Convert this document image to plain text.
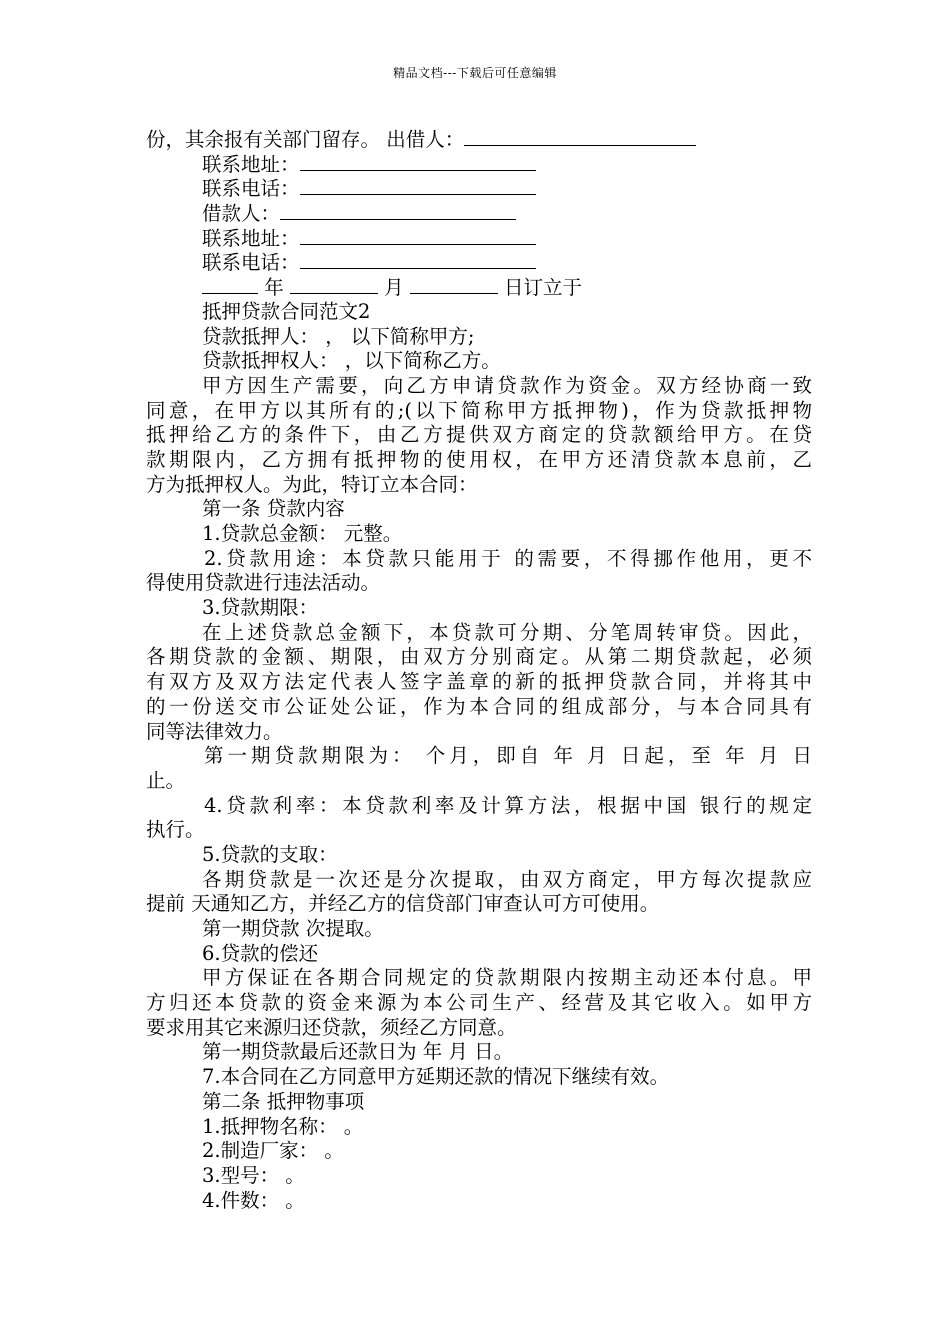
精品文档---下载后可任意编辑
份，其余报有关部门留存。 出借人：
联系地址：
联系电话：
借款人：
联系地址：
联系电话：
年	月	日订立于
抵押贷款合同范文2
贷款抵押人： ， 以下简称甲方;
贷款抵押权人： ，以下简称乙方。
甲方因生产需要，向乙方申请贷款作为资金。双方经协商一致
同意，在甲方以其所有的;(以下简称甲方抵押物)，作为贷款抵押物
抵押给乙方的条件下，由乙方提供双方商定的贷款额给甲方。在贷
款期限内，乙方拥有抵押物的使用权，在甲方还清贷款本息前，乙
方为抵押权人。为此，特订立本合同：
第一条 贷款内容
1.贷款总金额： 元整。
2.贷款用途：本贷款只能用于 的需要，不得挪作他用，更不
得使用贷款进行违法活动。
3.贷款期限：
在上述贷款总金额下，本贷款可分期、分笔周转审贷。因此，
各期贷款的金额、期限，由双方分别商定。从第二期贷款起，必须
有双方及双方法定代表人签字盖章的新的抵押贷款合同，并将其中
的一份送交市公证处公证，作为本合同的组成部分，与本合同具有
同等法律效力。
第一期贷款期限为： 个月，即自 年 月 日起，至 年 月 日
止。
4.贷款利率：本贷款利率及计算方法，根据中国 银行的规定
执行。
5.贷款的支取：
各期贷款是一次还是分次提取，由双方商定，甲方每次提款应
提前 天通知乙方，并经乙方的信贷部门审查认可方可使用。
第一期贷款 次提取。
6.贷款的偿还
甲方保证在各期合同规定的贷款期限内按期主动还本付息。甲
方归还本贷款的资金来源为本公司生产、经营及其它收入。如甲方
要求用其它来源归还贷款，须经乙方同意。
第一期贷款最后还款日为 年 月 日。
7.本合同在乙方同意甲方延期还款的情况下继续有效。
第二条 抵押物事项
1.抵押物名称： 。
2.制造厂家： 。
3.型号： 。
4.件数： 。
